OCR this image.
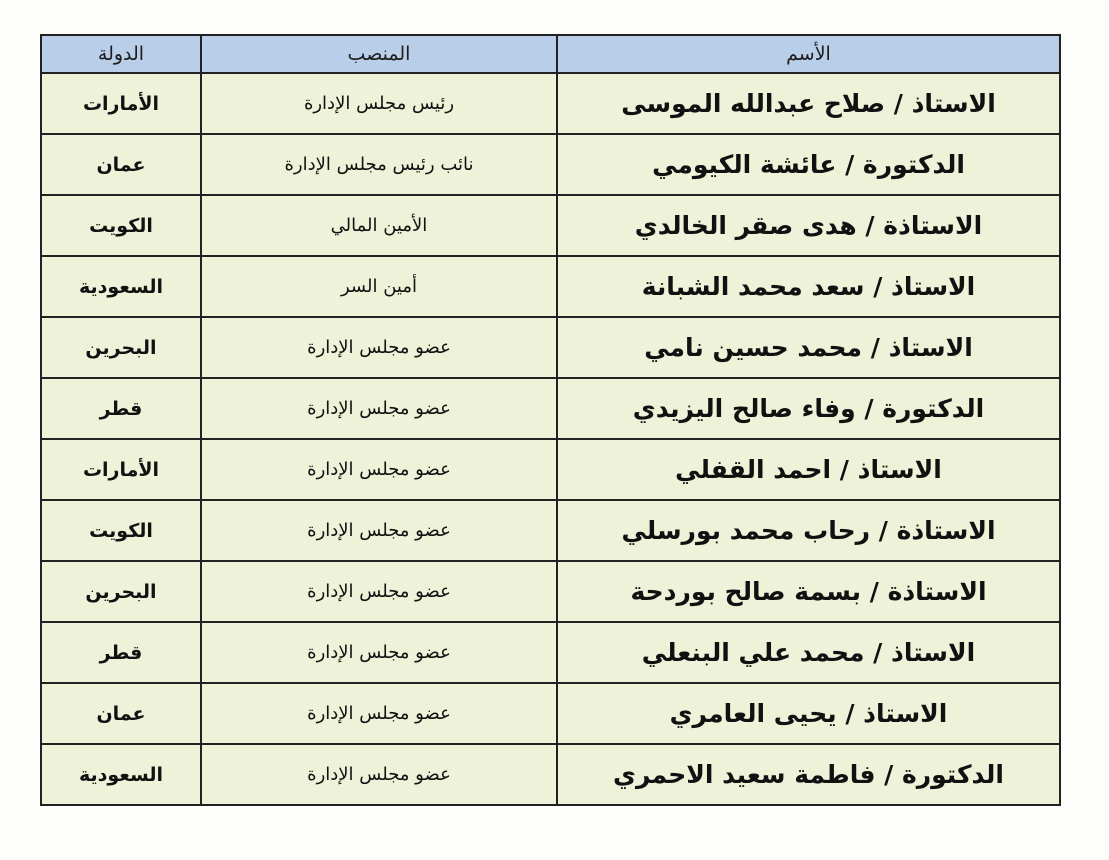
الأسم	المنصب	الدولة
الاستاذ / صلاح عبدالله الموسى	رئيس مجلس الإدارة	الأمارات
الدكتورة / عائشة الكيومي	نائب رئيس مجلس الإدارة	عمان
الاستاذة / هدى صقر الخالدي	الأمين المالي	الكويت
الاستاذ / سعد محمد الشبانة	أمين السر	السعودية
الاستاذ / محمد حسين نامي	عضو مجلس الإدارة	البحرين
الدكتورة / وفاء صالح اليزيدي	عضو مجلس الإدارة	قطر
الاستاذ / احمد القفلي	عضو مجلس الإدارة	الأمارات
الاستاذة / رحاب محمد بورسلي	عضو مجلس الإدارة	الكويت
الاستاذة / بسمة صالح بوردحة	عضو مجلس الإدارة	البحرين
الاستاذ / محمد علي البنعلي	عضو مجلس الإدارة	قطر
الاستاذ / يحيى العامري	عضو مجلس الإدارة	عمان
الدكتورة / فاطمة سعيد الاحمري	عضو مجلس الإدارة	السعودية
